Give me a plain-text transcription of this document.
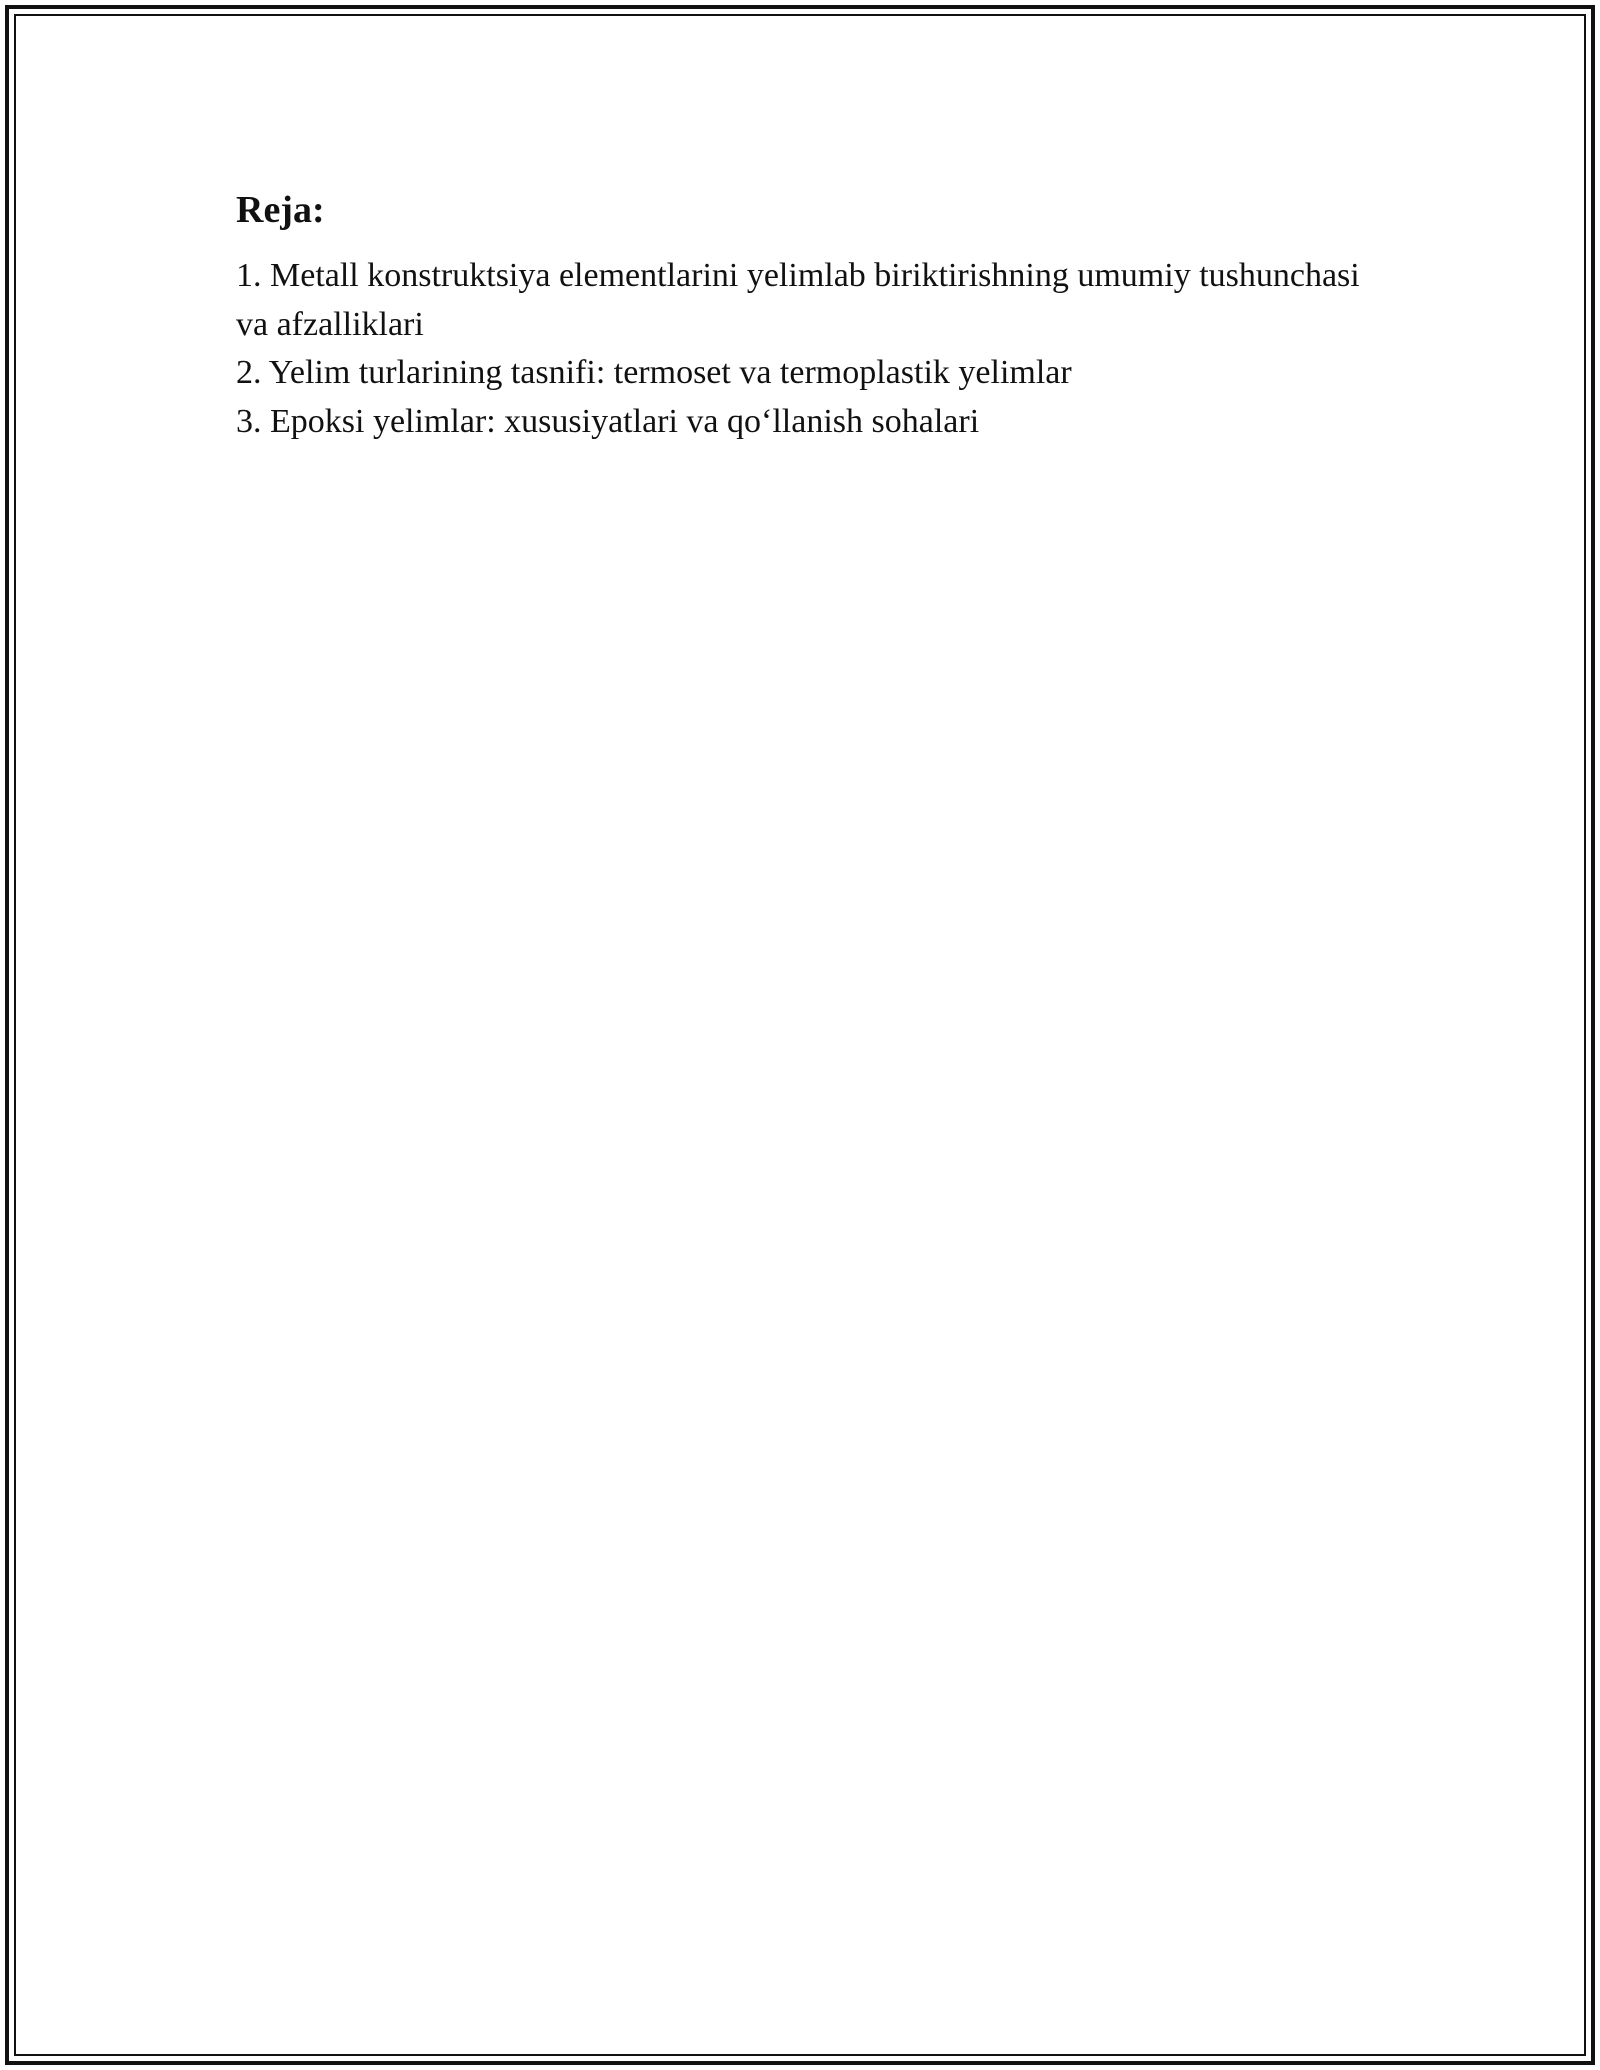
Reja:
1. Metall konstruktsiya elementlarini yelimlab biriktirishning umumiy tushunchasi va afzalliklari
2. Yelim turlarining tasnifi: termoset va termoplastik yelimlar
3. Epoksi yelimlar: xususiyatlari va qo‘llanish sohalari
